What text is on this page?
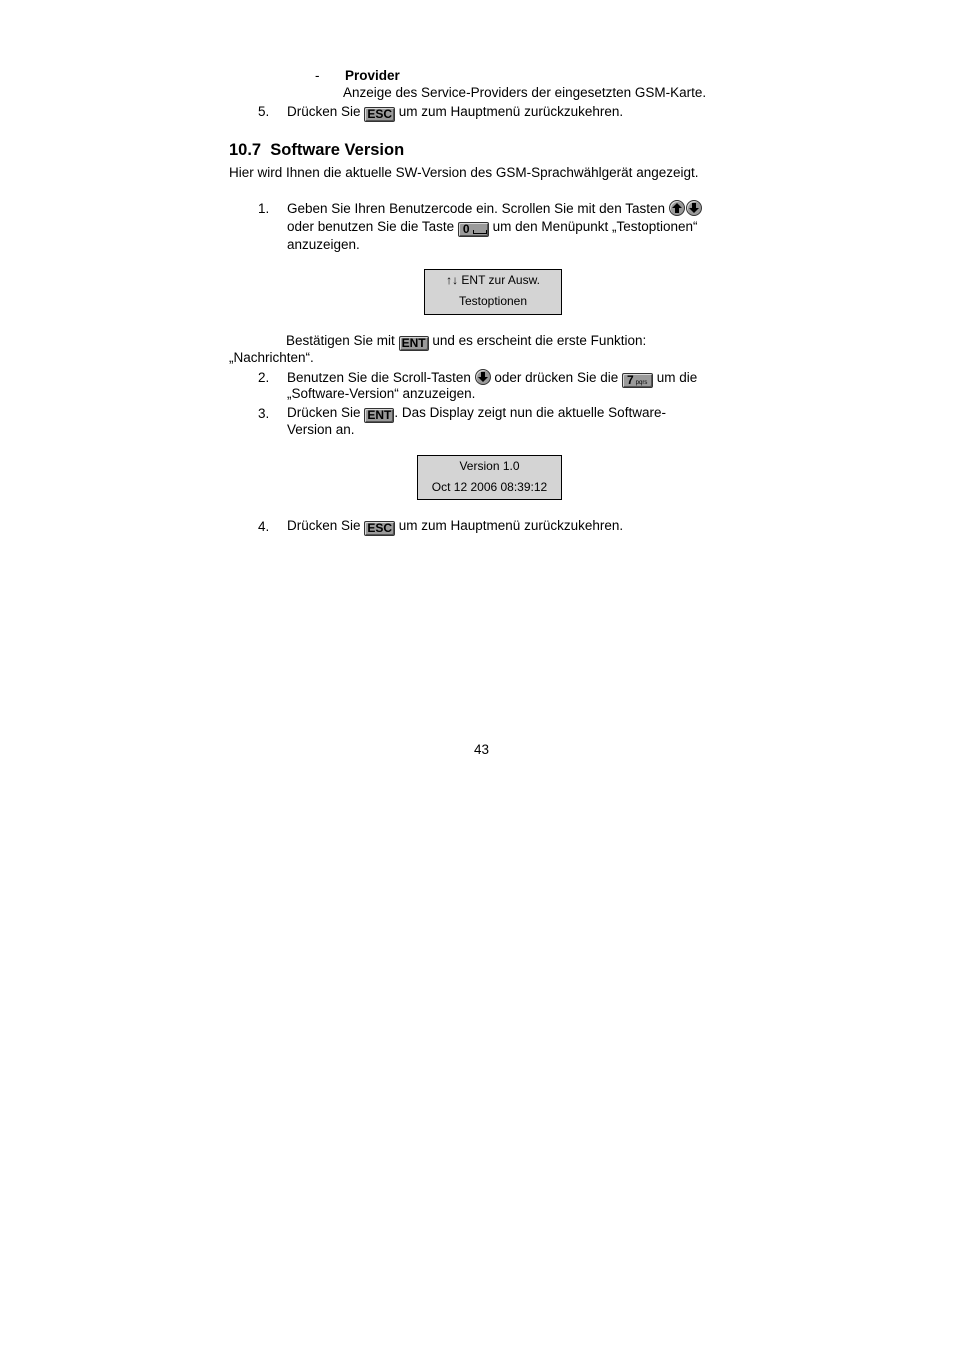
- Provider
Anzeige des Service-Providers der eingesetzten GSM-Karte.
5. Drücken Sie ESC um zum Hauptmenü zurückzukehren.
10.7  Software Version
Hier wird Ihnen die aktuelle SW-Version des GSM-Sprachwählgerät angezeigt.
1. Geben Sie Ihren Benutzercode ein. Scrollen Sie mit den Tasten
oder benutzen Sie die Taste 0 um den Menüpunkt „Testoptionen“
anzuzeigen.
↑↓ ENT zur Ausw.
Testoptionen
Bestätigen Sie mit ENT und es erscheint die erste Funktion:
„Nachrichten“.
2. Benutzen Sie die Scroll-Tasten oder drücken Sie die 7 pqrs um die
„Software-Version“ anzuzeigen.
3. Drücken Sie ENT . Das Display zeigt nun die aktuelle Software-
Version an.
Version 1.0
Oct 12 2006 08:39:12
4. Drücken Sie ESC um zum Hauptmenü zurückzukehren.
43
